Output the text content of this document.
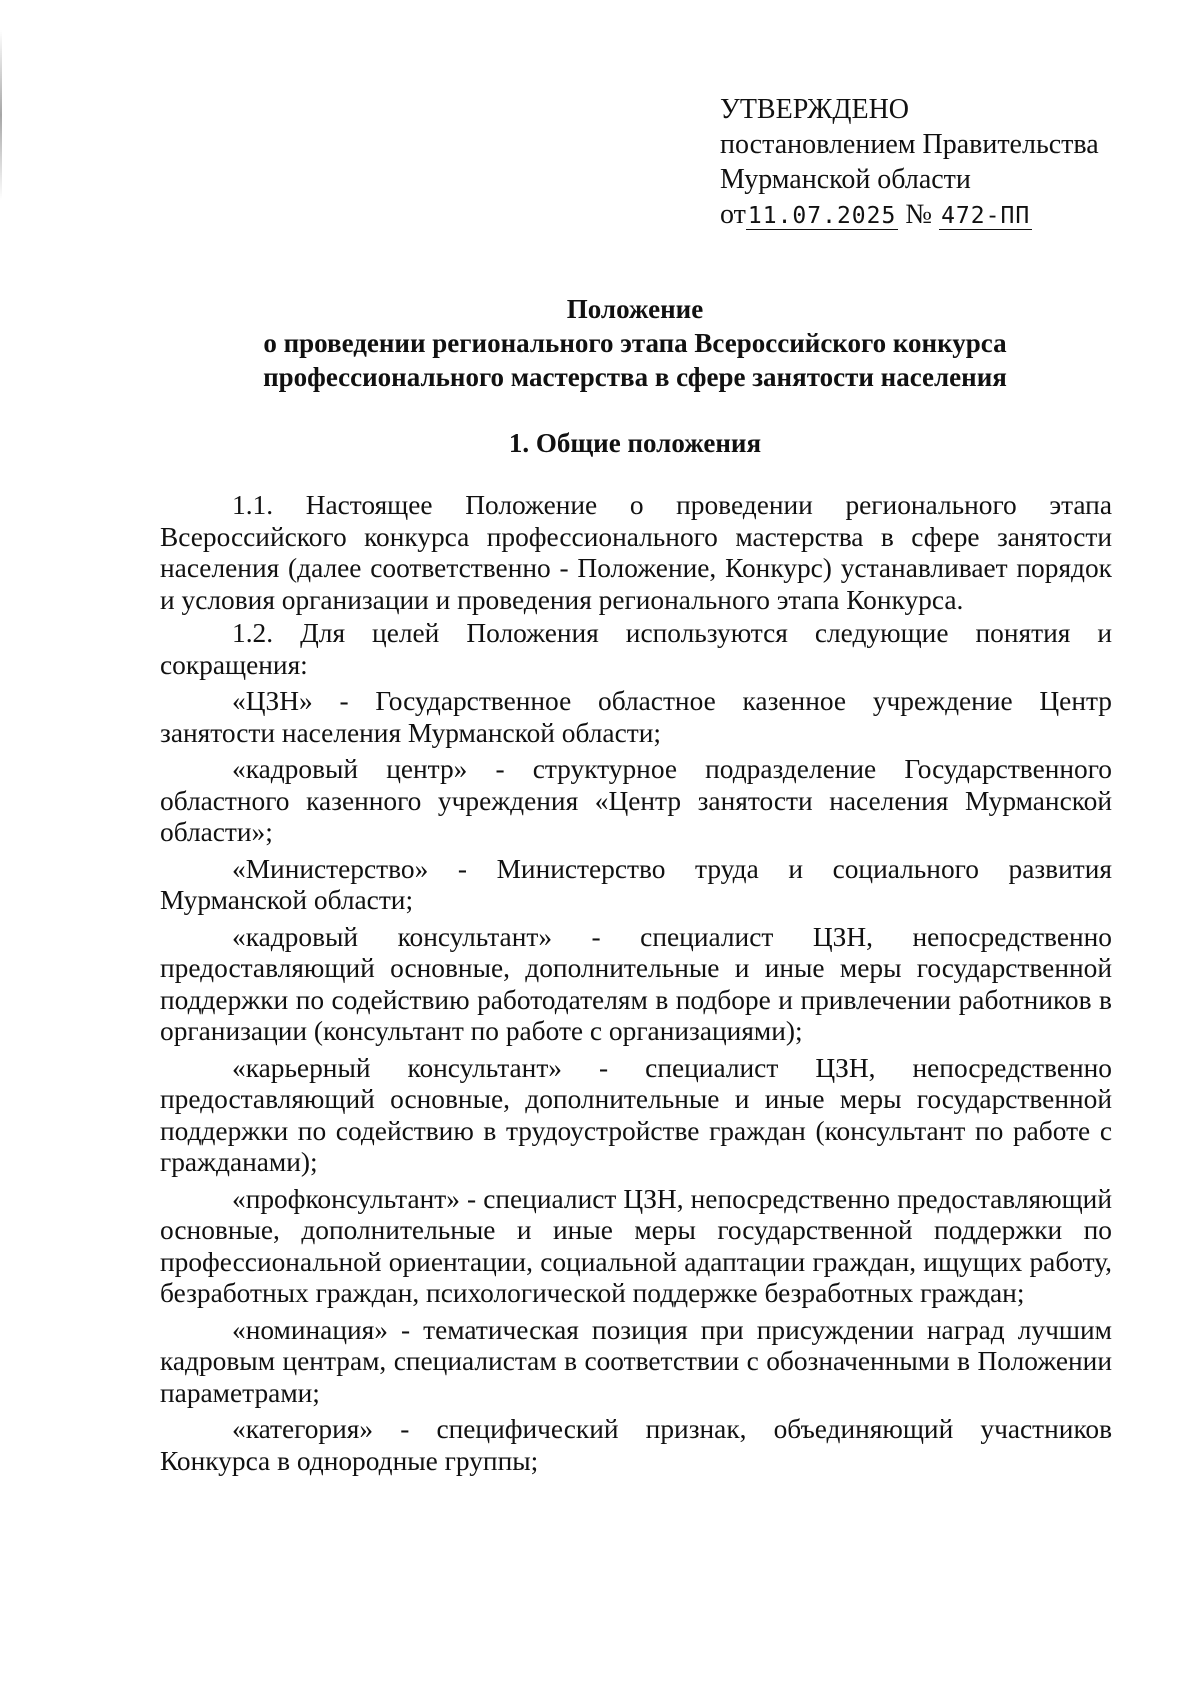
УТВЕРЖДЕНО
постановлением Правительства
Мурманской области
от11.07.2025 № 472-ПП
Положение
о проведении регионального этапа Всероссийского конкурса
профессионального мастерства в сфере занятости населения
1. Общие положения

1.1. Настоящее Положение о проведении регионального этапа Всероссийского конкурса профессионального мастерства в сфере занятости населения (далее соответственно - Положение, Конкурс) устанавливает порядок и условия организации и проведения регионального этапа Конкурса.

1.2. Для целей Положения используются следующие понятия и сокращения:

«ЦЗН» - Государственное областное казенное учреждение Центр занятости населения Мурманской области;

«кадровый центр» - структурное подразделение Государственного областного казенного учреждения «Центр занятости населения Мурманской области»;

«Министерство» - Министерство труда и социального развития Мурманской области;

«кадровый консультант» - специалист ЦЗН, непосредственно предоставляющий основные, дополнительные и иные меры государственной поддержки по содействию работодателям в подборе и привлечении работников в организации (консультант по работе с организациями);

«карьерный консультант» - специалист ЦЗН, непосредственно предоставляющий основные, дополнительные и иные меры государственной поддержки по содействию в трудоустройстве граждан (консультант по работе с гражданами);

«профконсультант» - специалист ЦЗН, непосредственно предоставляющий основные, дополнительные и иные меры государственной поддержки по профессиональной ориентации, социальной адаптации граждан, ищущих работу, безработных граждан, психологической поддержке безработных граждан;

«номинация» - тематическая позиция при присуждении наград лучшим кадровым центрам, специалистам в соответствии с обозначенными в Положении параметрами;

«категория» - специфический признак, объединяющий участников Конкурса в однородные группы;
